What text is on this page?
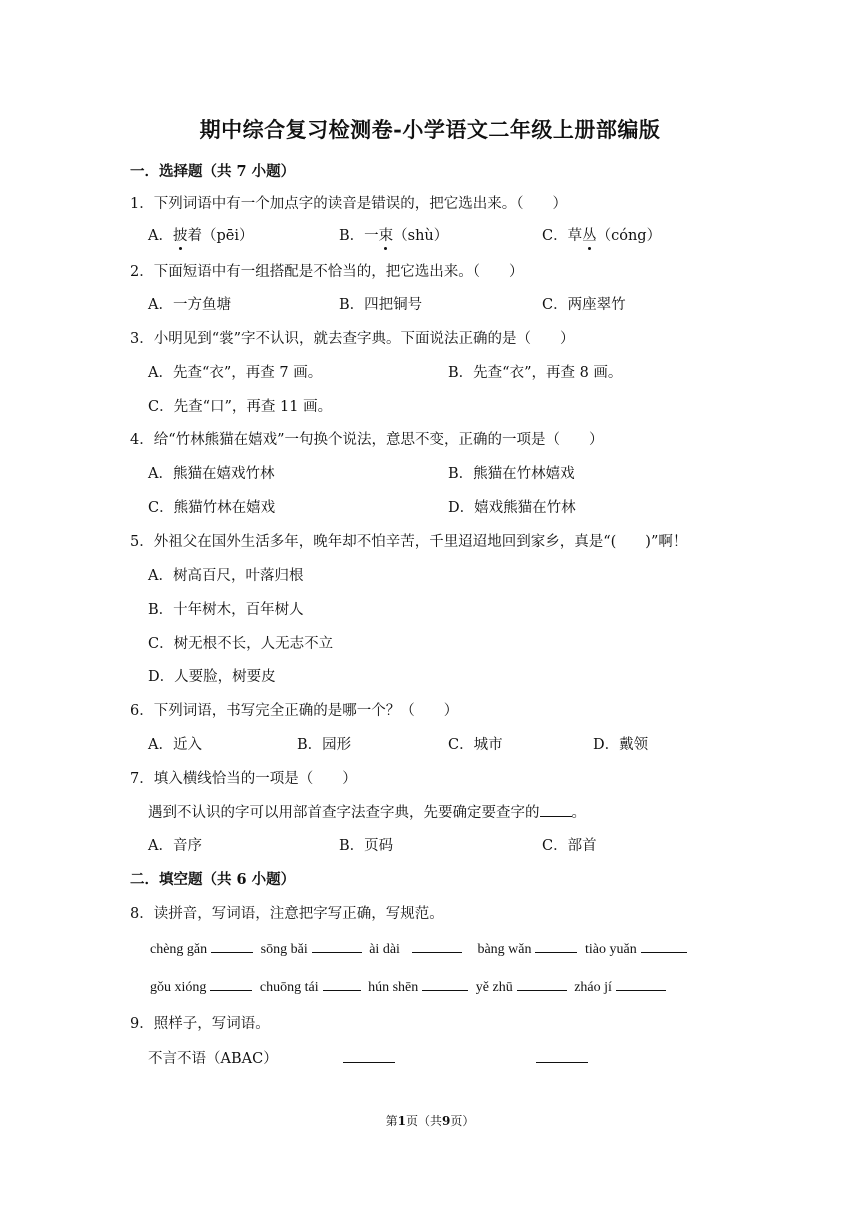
期中综合复习检测卷-小学语文二年级上册部编版
一．选择题（共 7 小题）
1．下列词语中有一个加点字的读音是错误的，把它选出来。（　　）
A．披着（pēi）	B．一束（shù）	C．草丛（cóng）
2．下面短语中有一组搭配是不恰当的，把它选出来。（　　）
A．一方鱼塘	B．四把铜号	C．两座翠竹
3．小明见到“裳”字不认识，就去查字典。下面说法正确的是（　　）
A．先查“衣”，再查 7 画。	B．先查“衣”，再查 8 画。
C．先查“口”，再查 11 画。
4．给“竹林熊猫在嬉戏”一句换个说法，意思不变，正确的一项是（　　）
A．熊猫在嬉戏竹林	B．熊猫在竹林嬉戏
C．熊猫竹林在嬉戏	D．嬉戏熊猫在竹林
5．外祖父在国外生活多年，晚年却不怕辛苦，千里迢迢地回到家乡，真是“(　　)”啊！
A．树高百尺，叶落归根
B．十年树木，百年树人
C．树无根不长，人无志不立
D．人要脸，树要皮
6．下列词语，书写完全正确的是哪一个？（　　）
A．近入	B．园形	C．城市	D．戴领
7．填入横线恰当的一项是（　　）
遇到不认识的字可以用部首查字法查字典，先要确定要查字的 。
A．音序	B．页码	C．部首
二．填空题（共 6 小题）
8．读拼音，写词语，注意把字写正确，写规范。
chèng gǎn	sōng bǎi	ài dài	bàng wǎn	tiào yuǎn
gǒu xióng	chuōng tái	hún shēn	yě zhū	zháo jí
9．照样子，写词语。
不言不语（ABAC）
第1页（共9页）
